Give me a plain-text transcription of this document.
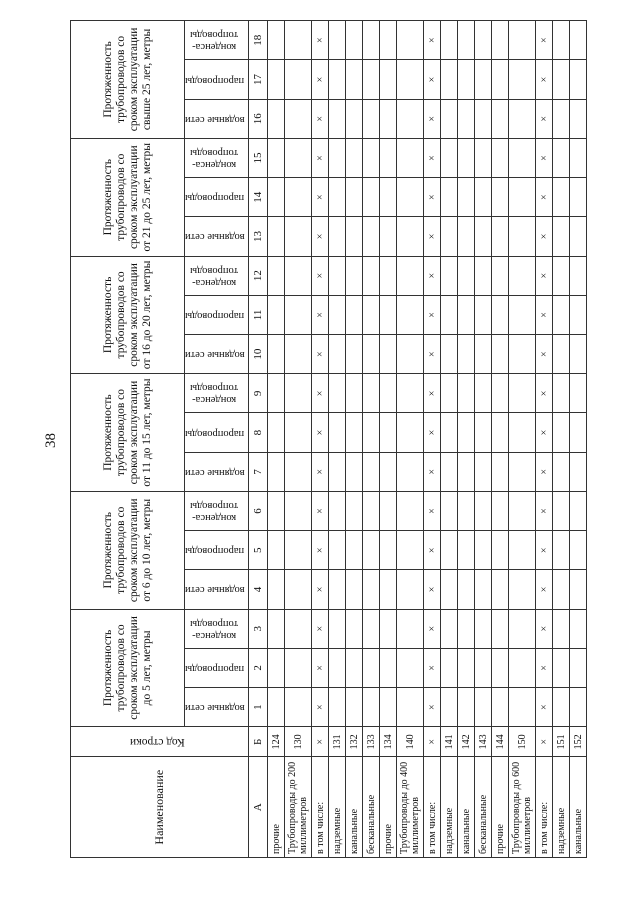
38
Наименование	Код строки	Протяженность трубопроводов со сроком эксплуатации до 5 лет, метры			Протяженность трубопроводов со сроком эксплуатации от 6 до 10 лет, метры			Протяженность трубопроводов со сроком эксплуатации от 11 до 15 лет, метры			Протяженность трубопроводов со сроком эксплуатации от 16 до 20 лет, метры			Протяженность трубопроводов со сроком эксплуатации от 21 до 25 лет, метры			Протяженность трубопроводов со сроком эксплуатации свыше 25 лет, метры		
		водяные сети	паропроводы	конденса-топроводы	водяные сети	паропроводы	конденса-топроводы	водяные сети	паропроводы	конденса-топроводы	водяные сети	паропроводы	конденса-топроводы	водяные сети	паропроводы	конденса-топроводы	водяные сети	паропроводы	конденса-топроводы
А	Б	1	2	3	4	5	6	7	8	9	10	11	12	13	14	15	16	17	18
прочие	124																		
Трубопроводы до 200 миллиметров	130																		
в том числе:	×	×	×	×	×	×	×	×	×	×	×	×	×	×	×	×	×	×	×
надземные	131																		
канальные	132																		
бесканальные	133																		
прочие	134																		
Трубопроводы до 400 миллиметров	140																		
в том числе:	×	×	×	×	×	×	×	×	×	×	×	×	×	×	×	×	×	×	×
надземные	141																		
канальные	142																		
бесканальные	143																		
прочие	144																		
Трубопроводы до 600 миллиметров	150																		
в том числе:	×	×	×	×	×	×	×	×	×	×	×	×	×	×	×	×	×	×	×
надземные	151																		
канальные	152																		
